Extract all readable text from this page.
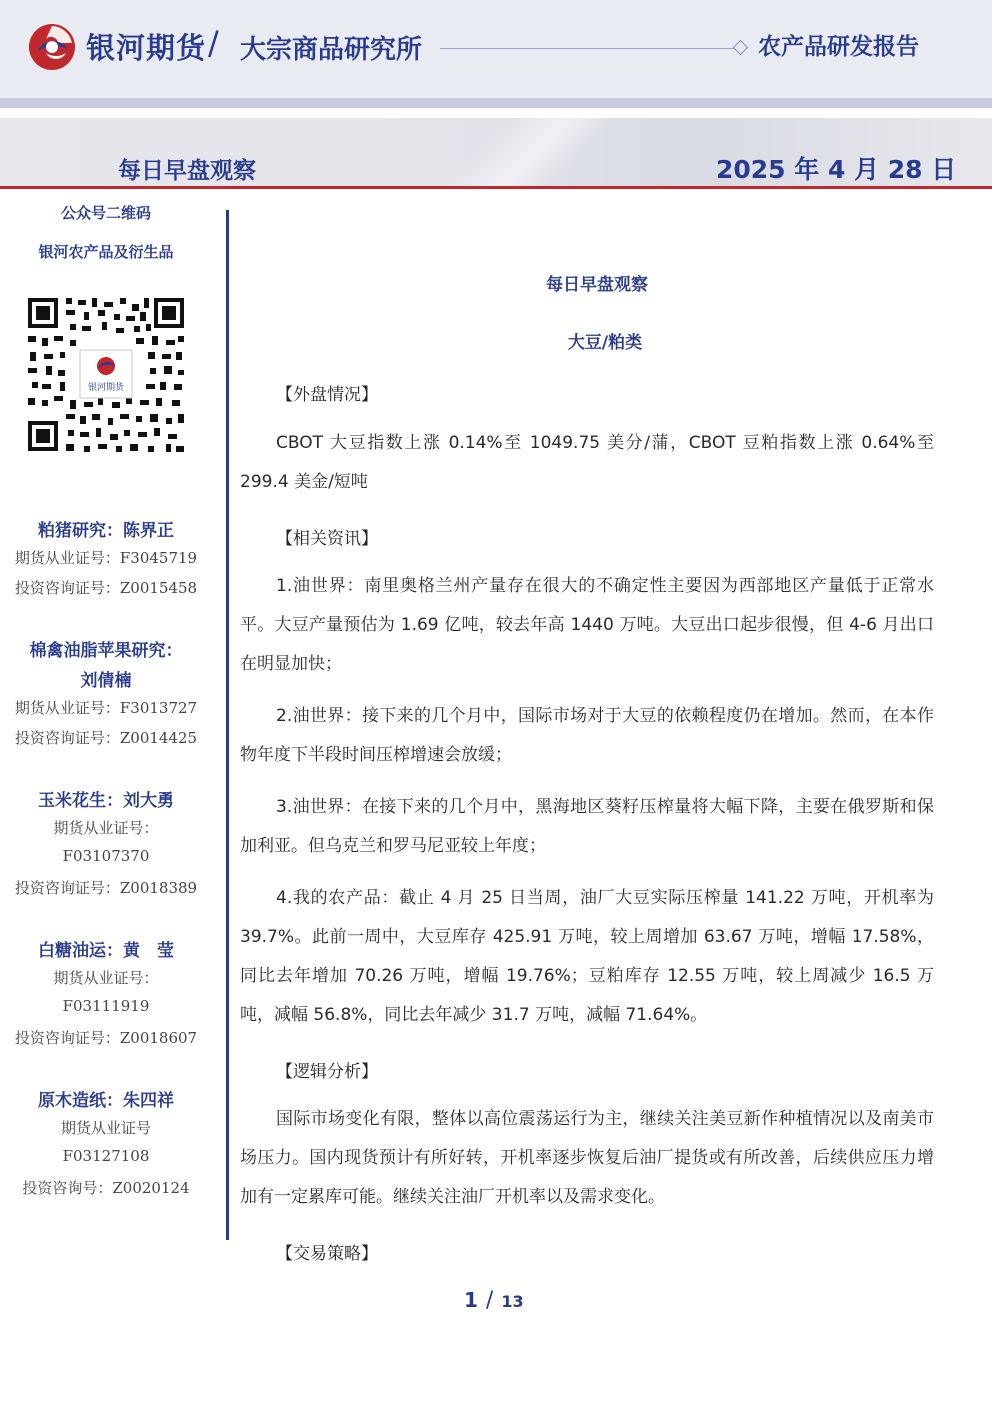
银河期货 / 大宗商品研究所	农产品研发报告
每日早盘观察	2025 年 4 月 28 日
公众号二维码
银河农产品及衍生品
银河期货
粕猪研究：陈界正
期货从业证号：F3045719
投资咨询证号：Z0015458
棉禽油脂苹果研究：
刘倩楠
期货从业证号：F3013727
投资咨询证号：Z0014425
玉米花生：刘大勇
期货从业证号：
F03107370
投资咨询证号：Z0018389
白糖油运：黄　莹
期货从业证号：
F03111919
投资咨询证号：Z0018607
原木造纸：朱四祥
期货从业证号
F03127108
投资咨询号：Z0020124
每日早盘观察
大豆/粕类
【外盘情况】
CBOT 大豆指数上涨 0.14%至 1049.75 美分/蒲，CBOT 豆粕指数上涨 0.64%至 299.4 美金/短吨
【相关资讯】
1.油世界：南里奥格兰州产量存在很大的不确定性主要因为西部地区产量低于正常水平。大豆产量预估为 1.69 亿吨，较去年高 1440 万吨。大豆出口起步很慢，但 4-6 月出口在明显加快；
2.油世界：接下来的几个月中，国际市场对于大豆的依赖程度仍在增加。然而，在本作物年度下半段时间压榨增速会放缓；
3.油世界：在接下来的几个月中，黑海地区葵籽压榨量将大幅下降，主要在俄罗斯和保加利亚。但乌克兰和罗马尼亚较上年度；
4.我的农产品：截止 4 月 25 日当周，油厂大豆实际压榨量 141.22 万吨，开机率为 39.7%。此前一周中，大豆库存 425.91 万吨，较上周增加 63.67 万吨，增幅 17.58%，同比去年增加 70.26 万吨，增幅 19.76%；豆粕库存 12.55 万吨，较上周减少 16.5 万吨，减幅 56.8%，同比去年减少 31.7 万吨，减幅 71.64%。
【逻辑分析】
国际市场变化有限，整体以高位震荡运行为主，继续关注美豆新作种植情况以及南美市场压力。国内现货预计有所好转，开机率逐步恢复后油厂提货或有所改善，后续供应压力增加有一定累库可能。继续关注油厂开机率以及需求变化。
【交易策略】
1 / 13
